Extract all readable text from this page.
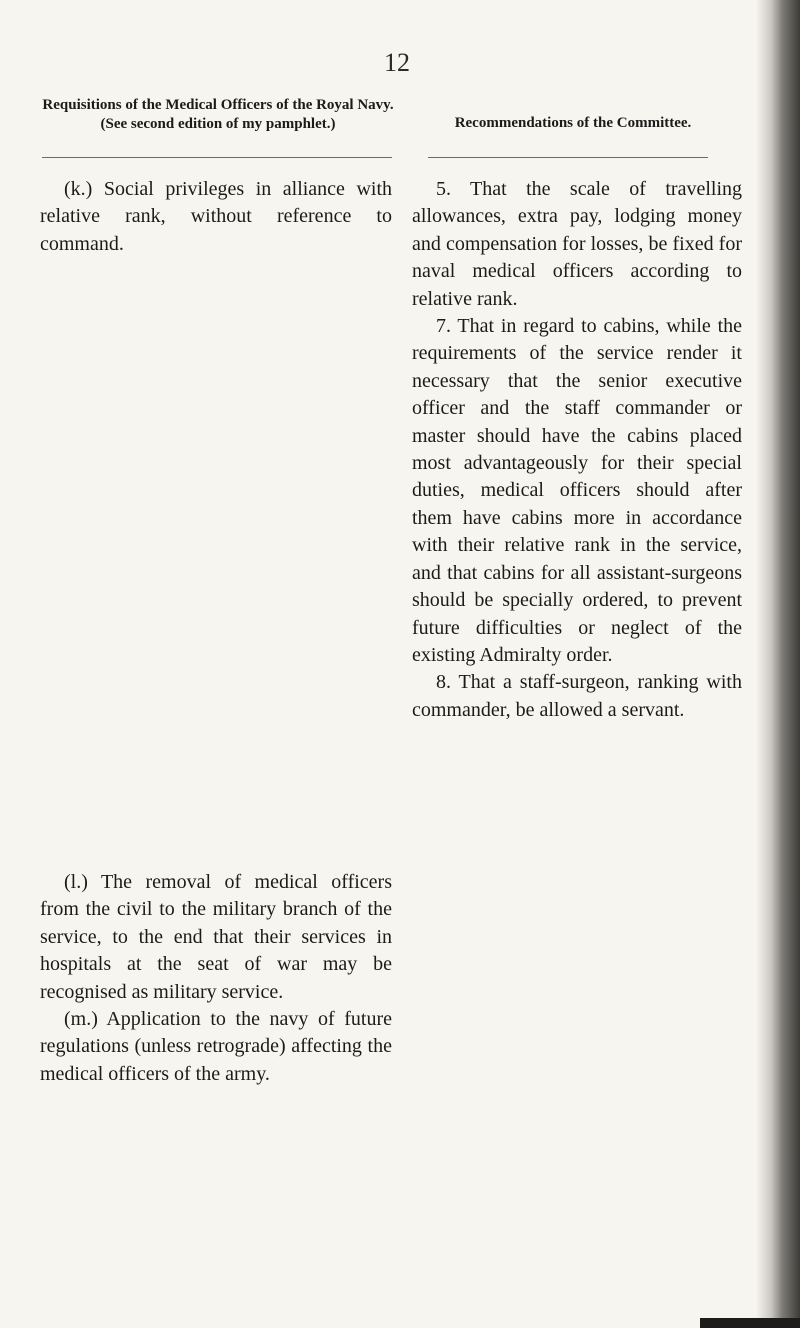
12
Requisitions of the Medical Officers of the Royal Navy. (See second edition of my pamphlet.)	Recommendations of the Committee.

(k.) Social privileges in alliance with relative rank, without reference to command.

(l.) The removal of medical officers from the civil to the military branch of the service, to the end that their services in hospitals at the seat of war may be recognised as military service.

(m.) Application to the navy of future regulations (unless retrograde) affecting the medical officers of the army.

5. That the scale of travelling allowances, extra pay, lodging money and compensation for losses, be fixed for naval medical officers according to relative rank.

7. That in regard to cabins, while the requirements of the service render it necessary that the senior executive officer and the staff commander or master should have the cabins placed most advantageously for their special duties, medical officers should after them have cabins more in accordance with their relative rank in the service, and that cabins for all assistant-surgeons should be specially ordered, to prevent future difficulties or neglect of the existing Admiralty order.

8. That a staff-surgeon, ranking with commander, be allowed a servant.
